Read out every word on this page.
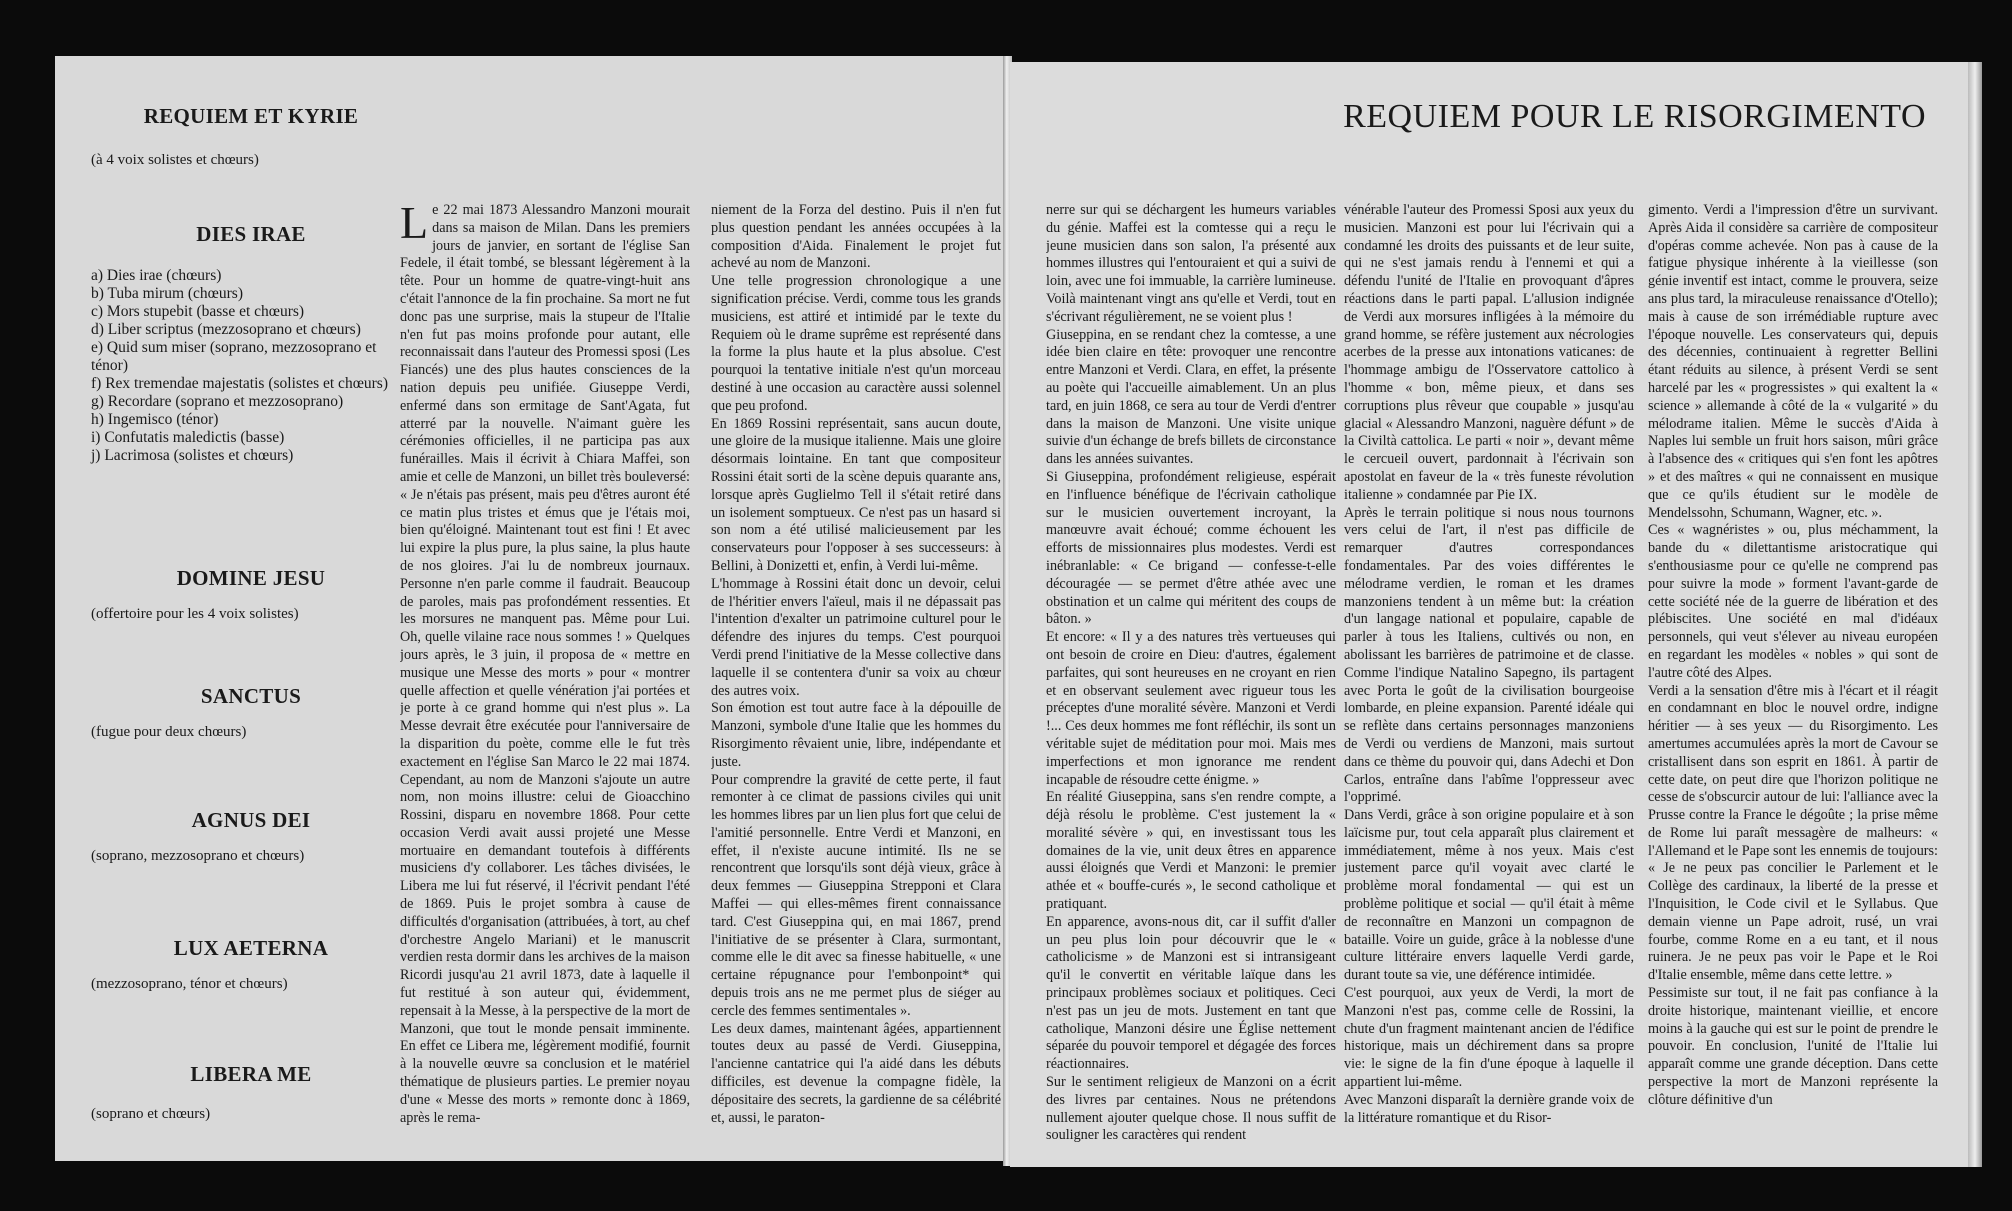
REQUIEM ET KYRIE
(à 4 voix solistes et chœurs)
DIES IRAE
a) Dies irae (chœurs)
b) Tuba mirum (chœurs)
c) Mors stupebit (basse et chœurs)
d) Liber scriptus (mezzosoprano et chœurs)
e) Quid sum miser (soprano, mezzosoprano et ténor)
f) Rex tremendae majestatis (solistes et chœurs)
g) Recordare (soprano et mezzosoprano)
h) Ingemisco (ténor)
i) Confutatis maledictis (basse)
j) Lacrimosa (solistes et chœurs)
DOMINE JESU
(offertoire pour les 4 voix solistes)
SANCTUS
(fugue pour deux chœurs)
AGNUS DEI
(soprano, mezzosoprano et chœurs)
LUX AETERNA
(mezzosoprano, ténor et chœurs)
LIBERA ME
(soprano et chœurs)

Le 22 mai 1873 Alessandro Manzoni mourait dans sa maison de Milan. Dans les premiers jours de janvier, en sortant de l'église San Fedele, il était tombé, se blessant légèrement à la tête. Pour un homme de quatre-vingt-huit ans c'était l'annonce de la fin prochaine. Sa mort ne fut donc pas une surprise, mais la stupeur de l'Italie n'en fut pas moins profonde pour autant, elle reconnaissait dans l'auteur des Promessi sposi (Les Fiancés) une des plus hautes consciences de la nation depuis peu unifiée. Giuseppe Verdi, enfermé dans son ermitage de Sant'Agata, fut atterré par la nouvelle. N'aimant guère les cérémonies officielles, il ne participa pas aux funérailles. Mais il écrivit à Chiara Maffei, son amie et celle de Manzoni, un billet très bouleversé: « Je n'étais pas présent, mais peu d'êtres auront été ce matin plus tristes et émus que je l'étais moi, bien qu'éloigné. Maintenant tout est fini ! Et avec lui expire la plus pure, la plus saine, la plus haute de nos gloires. J'ai lu de nombreux journaux. Personne n'en parle comme il faudrait. Beaucoup de paroles, mais pas profondément ressenties. Et les morsures ne manquent pas. Même pour Lui. Oh, quelle vilaine race nous sommes ! » Quelques jours après, le 3 juin, il proposa de « mettre en musique une Messe des morts » pour « montrer quelle affection et quelle vénération j'ai portées et je porte à ce grand homme qui n'est plus ». La Messe devrait être exécutée pour l'anniversaire de la disparition du poète, comme elle le fut très exactement en l'église San Marco le 22 mai 1874. Cependant, au nom de Manzoni s'ajoute un autre nom, non moins illustre: celui de Gioacchino Rossini, disparu en novembre 1868. Pour cette occasion Verdi avait aussi projeté une Messe mortuaire en demandant toutefois à différents musiciens d'y collaborer. Les tâches divisées, le Libera me lui fut réservé, il l'écrivit pendant l'été de 1869. Puis le projet sombra à cause de difficultés d'organisation (attribuées, à tort, au chef d'orchestre Angelo Mariani) et le manuscrit verdien resta dormir dans les archives de la maison Ricordi jusqu'au 21 avril 1873, date à laquelle il fut restitué à son auteur qui, évidemment, repensait à la Messe, à la perspective de la mort de Manzoni, que tout le monde pensait imminente. En effet ce Libera me, légèrement modifié, fournit à la nouvelle œuvre sa conclusion et le matériel thématique de plusieurs parties. Le premier noyau d'une « Messe des morts » remonte donc à 1869, après le rema-

niement de la Forza del destino. Puis il n'en fut plus question pendant les années occupées à la composition d'Aida. Finalement le projet fut achevé au nom de Manzoni.

Une telle progression chronologique a une signification précise. Verdi, comme tous les grands musiciens, est attiré et intimidé par le texte du Requiem où le drame suprême est représenté dans la forme la plus haute et la plus absolue. C'est pourquoi la tentative initiale n'est qu'un morceau destiné à une occasion au caractère aussi solennel que peu profond.

En 1869 Rossini représentait, sans aucun doute, une gloire de la musique italienne. Mais une gloire désormais lointaine. En tant que compositeur Rossini était sorti de la scène depuis quarante ans, lorsque après Guglielmo Tell il s'était retiré dans un isolement somptueux. Ce n'est pas un hasard si son nom a été utilisé malicieusement par les conservateurs pour l'opposer à ses successeurs: à Bellini, à Donizetti et, enfin, à Verdi lui-même.

L'hommage à Rossini était donc un devoir, celui de l'héritier envers l'aïeul, mais il ne dépassait pas l'intention d'exalter un patrimoine culturel pour le défendre des injures du temps. C'est pourquoi Verdi prend l'initiative de la Messe collective dans laquelle il se contentera d'unir sa voix au chœur des autres voix.

Son émotion est tout autre face à la dépouille de Manzoni, symbole d'une Italie que les hommes du Risorgimento rêvaient unie, libre, indépendante et juste.

Pour comprendre la gravité de cette perte, il faut remonter à ce climat de passions civiles qui unit les hommes libres par un lien plus fort que celui de l'amitié personnelle. Entre Verdi et Manzoni, en effet, il n'existe aucune intimité. Ils ne se rencontrent que lorsqu'ils sont déjà vieux, grâce à deux femmes — Giuseppina Strepponi et Clara Maffei — qui elles-mêmes firent connaissance tard. C'est Giuseppina qui, en mai 1867, prend l'initiative de se présenter à Clara, surmontant, comme elle le dit avec sa finesse habituelle, « une certaine répugnance pour l'embonpoint* qui depuis trois ans ne me permet plus de siéger au cercle des femmes sentimentales ».

Les deux dames, maintenant âgées, appartiennent toutes deux au passé de Verdi. Giuseppina, l'ancienne cantatrice qui l'a aidé dans les débuts difficiles, est devenue la compagne fidèle, la dépositaire des secrets, la gardienne de sa célébrité et, aussi, le paraton-

REQUIEM POUR LE RISORGIMENTO

nerre sur qui se déchargent les humeurs variables du génie. Maffei est la comtesse qui a reçu le jeune musicien dans son salon, l'a présenté aux hommes illustres qui l'entouraient et qui a suivi de loin, avec une foi immuable, la carrière lumineuse. Voilà maintenant vingt ans qu'elle et Verdi, tout en s'écrivant régulièrement, ne se voient plus !

Giuseppina, en se rendant chez la comtesse, a une idée bien claire en tête: provoquer une rencontre entre Manzoni et Verdi. Clara, en effet, la présente au poète qui l'accueille aimablement. Un an plus tard, en juin 1868, ce sera au tour de Verdi d'entrer dans la maison de Manzoni. Une visite unique suivie d'un échange de brefs billets de circonstance dans les années suivantes.

Si Giuseppina, profondément religieuse, espérait en l'influence bénéfique de l'écrivain catholique sur le musicien ouvertement incroyant, la manœuvre avait échoué; comme échouent les efforts de missionnaires plus modestes. Verdi est inébranlable: « Ce brigand — confesse-t-elle découragée — se permet d'être athée avec une obstination et un calme qui méritent des coups de bâton. »

Et encore: « Il y a des natures très vertueuses qui ont besoin de croire en Dieu: d'autres, également parfaites, qui sont heureuses en ne croyant en rien et en observant seulement avec rigueur tous les préceptes d'une moralité sévère. Manzoni et Verdi !... Ces deux hommes me font réfléchir, ils sont un véritable sujet de méditation pour moi. Mais mes imperfections et mon ignorance me rendent incapable de résoudre cette énigme. »

En réalité Giuseppina, sans s'en rendre compte, a déjà résolu le problème. C'est justement la « moralité sévère » qui, en investissant tous les domaines de la vie, unit deux êtres en apparence aussi éloignés que Verdi et Manzoni: le premier athée et « bouffe-curés », le second catholique et pratiquant.

En apparence, avons-nous dit, car il suffit d'aller un peu plus loin pour découvrir que le « catholicisme » de Manzoni est si intransigeant qu'il le convertit en véritable laïque dans les principaux problèmes sociaux et politiques. Ceci n'est pas un jeu de mots. Justement en tant que catholique, Manzoni désire une Église nettement séparée du pouvoir temporel et dégagée des forces réactionnaires.

Sur le sentiment religieux de Manzoni on a écrit des livres par centaines. Nous ne prétendons nullement ajouter quelque chose. Il nous suffit de souligner les caractères qui rendent

vénérable l'auteur des Promessi Sposi aux yeux du musicien. Manzoni est pour lui l'écrivain qui a condamné les droits des puissants et de leur suite, qui ne s'est jamais rendu à l'ennemi et qui a défendu l'unité de l'Italie en provoquant d'âpres réactions dans le parti papal. L'allusion indignée de Verdi aux morsures infligées à la mémoire du grand homme, se réfère justement aux nécrologies acerbes de la presse aux intonations vaticanes: de l'hommage ambigu de l'Osservatore cattolico à l'homme « bon, même pieux, et dans ses corruptions plus rêveur que coupable » jusqu'au glacial « Alessandro Manzoni, naguère défunt » de la Civiltà cattolica. Le parti « noir », devant même le cercueil ouvert, pardonnait à l'écrivain son apostolat en faveur de la « très funeste révolution italienne » condamnée par Pie IX.

Après le terrain politique si nous nous tournons vers celui de l'art, il n'est pas difficile de remarquer d'autres correspondances fondamentales. Par des voies différentes le mélodrame verdien, le roman et les drames manzoniens tendent à un même but: la création d'un langage national et populaire, capable de parler à tous les Italiens, cultivés ou non, en abolissant les barrières de patrimoine et de classe. Comme l'indique Natalino Sapegno, ils partagent avec Porta le goût de la civilisation bourgeoise lombarde, en pleine expansion. Parenté idéale qui se reflète dans certains personnages manzoniens de Verdi ou verdiens de Manzoni, mais surtout dans ce thème du pouvoir qui, dans Adechi et Don Carlos, entraîne dans l'abîme l'oppresseur avec l'opprimé.

Dans Verdi, grâce à son origine populaire et à son laïcisme pur, tout cela apparaît plus clairement et immédiatement, même à nos yeux. Mais c'est justement parce qu'il voyait avec clarté le problème moral fondamental — qui est un problème politique et social — qu'il était à même de reconnaître en Manzoni un compagnon de bataille. Voire un guide, grâce à la noblesse d'une culture littéraire envers laquelle Verdi garde, durant toute sa vie, une déférence intimidée.

C'est pourquoi, aux yeux de Verdi, la mort de Manzoni n'est pas, comme celle de Rossini, la chute d'un fragment maintenant ancien de l'édifice historique, mais un déchirement dans sa propre vie: le signe de la fin d'une époque à laquelle il appartient lui-même.

Avec Manzoni disparaît la dernière grande voix de la littérature romantique et du Risor-

gimento. Verdi a l'impression d'être un survivant. Après Aida il considère sa carrière de compositeur d'opéras comme achevée. Non pas à cause de la fatigue physique inhérente à la vieillesse (son génie inventif est intact, comme le prouvera, seize ans plus tard, la miraculeuse renaissance d'Otello); mais à cause de son irrémédiable rupture avec l'époque nouvelle. Les conservateurs qui, depuis des décennies, continuaient à regretter Bellini étant réduits au silence, à présent Verdi se sent harcelé par les « progressistes » qui exaltent la « science » allemande à côté de la « vulgarité » du mélodrame italien. Même le succès d'Aida à Naples lui semble un fruit hors saison, mûri grâce à l'absence des « critiques qui s'en font les apôtres » et des maîtres « qui ne connaissent en musique que ce qu'ils étudient sur le modèle de Mendelssohn, Schumann, Wagner, etc. ».

Ces « wagnéristes » ou, plus méchamment, la bande du « dilettantisme aristocratique qui s'enthousiasme pour ce qu'elle ne comprend pas pour suivre la mode » forment l'avant-garde de cette société née de la guerre de libération et des plébiscites. Une société en mal d'idéaux personnels, qui veut s'élever au niveau européen en regardant les modèles « nobles » qui sont de l'autre côté des Alpes.

Verdi a la sensation d'être mis à l'écart et il réagit en condamnant en bloc le nouvel ordre, indigne héritier — à ses yeux — du Risorgimento. Les amertumes accumulées après la mort de Cavour se cristallisent dans son esprit en 1861. À partir de cette date, on peut dire que l'horizon politique ne cesse de s'obscurcir autour de lui: l'alliance avec la Prusse contre la France le dégoûte ; la prise même de Rome lui paraît messagère de malheurs: « l'Allemand et le Pape sont les ennemis de toujours: « Je ne peux pas concilier le Parlement et le Collège des cardinaux, la liberté de la presse et l'Inquisition, le Code civil et le Syllabus. Que demain vienne un Pape adroit, rusé, un vrai fourbe, comme Rome en a eu tant, et il nous ruinera. Je ne peux pas voir le Pape et le Roi d'Italie ensemble, même dans cette lettre. »

Pessimiste sur tout, il ne fait pas confiance à la droite historique, maintenant vieillie, et encore moins à la gauche qui est sur le point de prendre le pouvoir. En conclusion, l'unité de l'Italie lui apparaît comme une grande déception. Dans cette perspective la mort de Manzoni représente la clôture définitive d'un
